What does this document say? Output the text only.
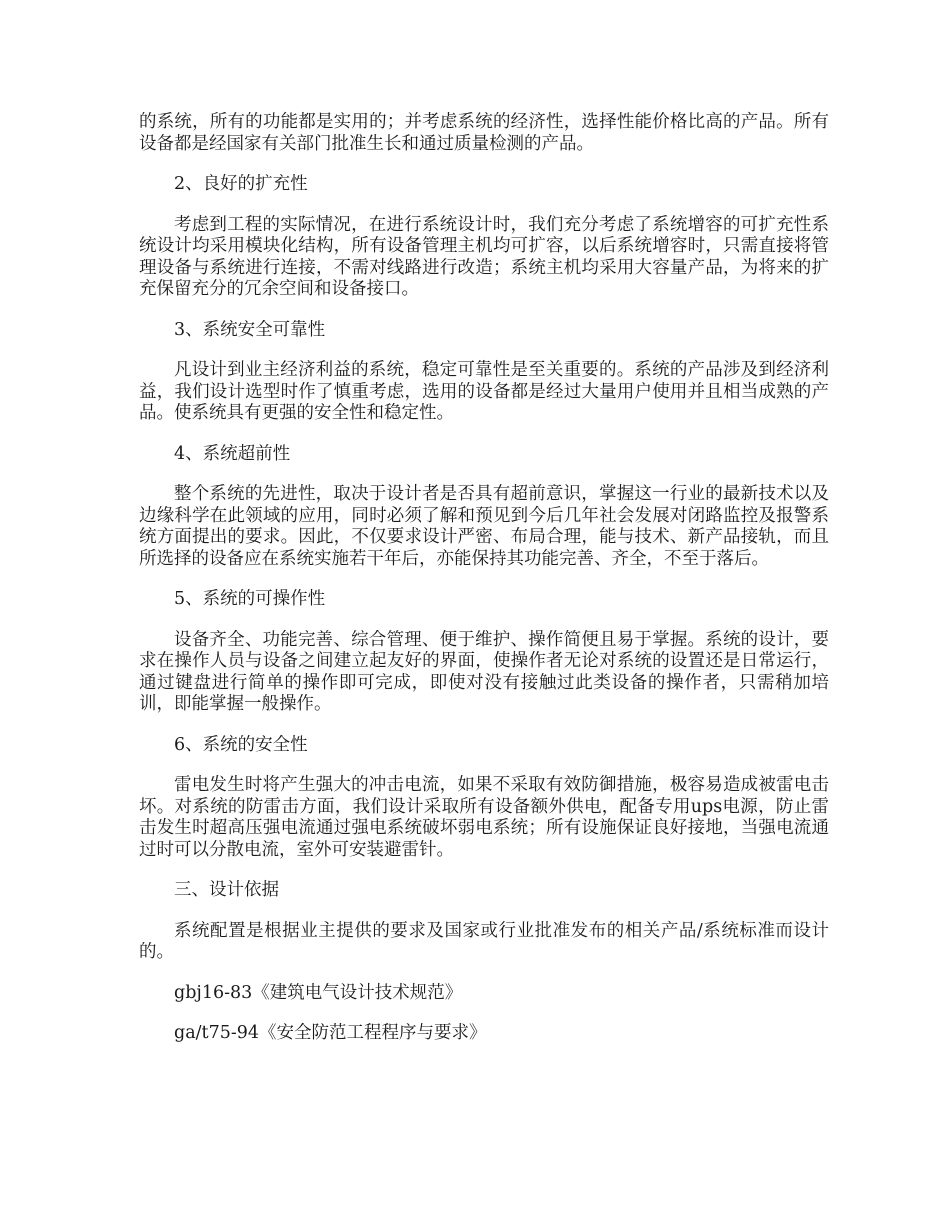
的系统，所有的功能都是实用的；并考虑系统的经济性，选择性能价格比高的产品。所有设备都是经国家有关部门批准生长和通过质量检测的产品。

2、良好的扩充性

考虑到工程的实际情况，在进行系统设计时，我们充分考虑了系统增容的可扩充性系统设计均采用模块化结构，所有设备管理主机均可扩容，以后系统增容时，只需直接将管理设备与系统进行连接，不需对线路进行改造；系统主机均采用大容量产品，为将来的扩充保留充分的冗余空间和设备接口。

3、系统安全可靠性

凡设计到业主经济利益的系统，稳定可靠性是至关重要的。系统的产品涉及到经济利益，我们设计选型时作了慎重考虑，选用的设备都是经过大量用户使用并且相当成熟的产品。使系统具有更强的安全性和稳定性。

4、系统超前性

整个系统的先进性，取决于设计者是否具有超前意识，掌握这一行业的最新技术以及边缘科学在此领域的应用，同时必须了解和预见到今后几年社会发展对闭路监控及报警系统方面提出的要求。因此，不仅要求设计严密、布局合理，能与技术、新产品接轨，而且所选择的设备应在系统实施若干年后，亦能保持其功能完善、齐全，不至于落后。

5、系统的可操作性

设备齐全、功能完善、综合管理、便于维护、操作简便且易于掌握。系统的设计，要求在操作人员与设备之间建立起友好的界面，使操作者无论对系统的设置还是日常运行，通过键盘进行简单的操作即可完成，即使对没有接触过此类设备的操作者，只需稍加培训，即能掌握一般操作。

6、系统的安全性

雷电发生时将产生强大的冲击电流，如果不采取有效防御措施，极容易造成被雷电击坏。对系统的防雷击方面，我们设计采取所有设备额外供电，配备专用ups电源，防止雷击发生时超高压强电流通过强电系统破坏弱电系统；所有设施保证良好接地，当强电流通过时可以分散电流，室外可安装避雷针。

三、设计依据

系统配置是根据业主提供的要求及国家或行业批准发布的相关产品/系统标准而设计的。

gbj16-83《建筑电气设计技术规范》

ga/t75-94《安全防范工程程序与要求》
